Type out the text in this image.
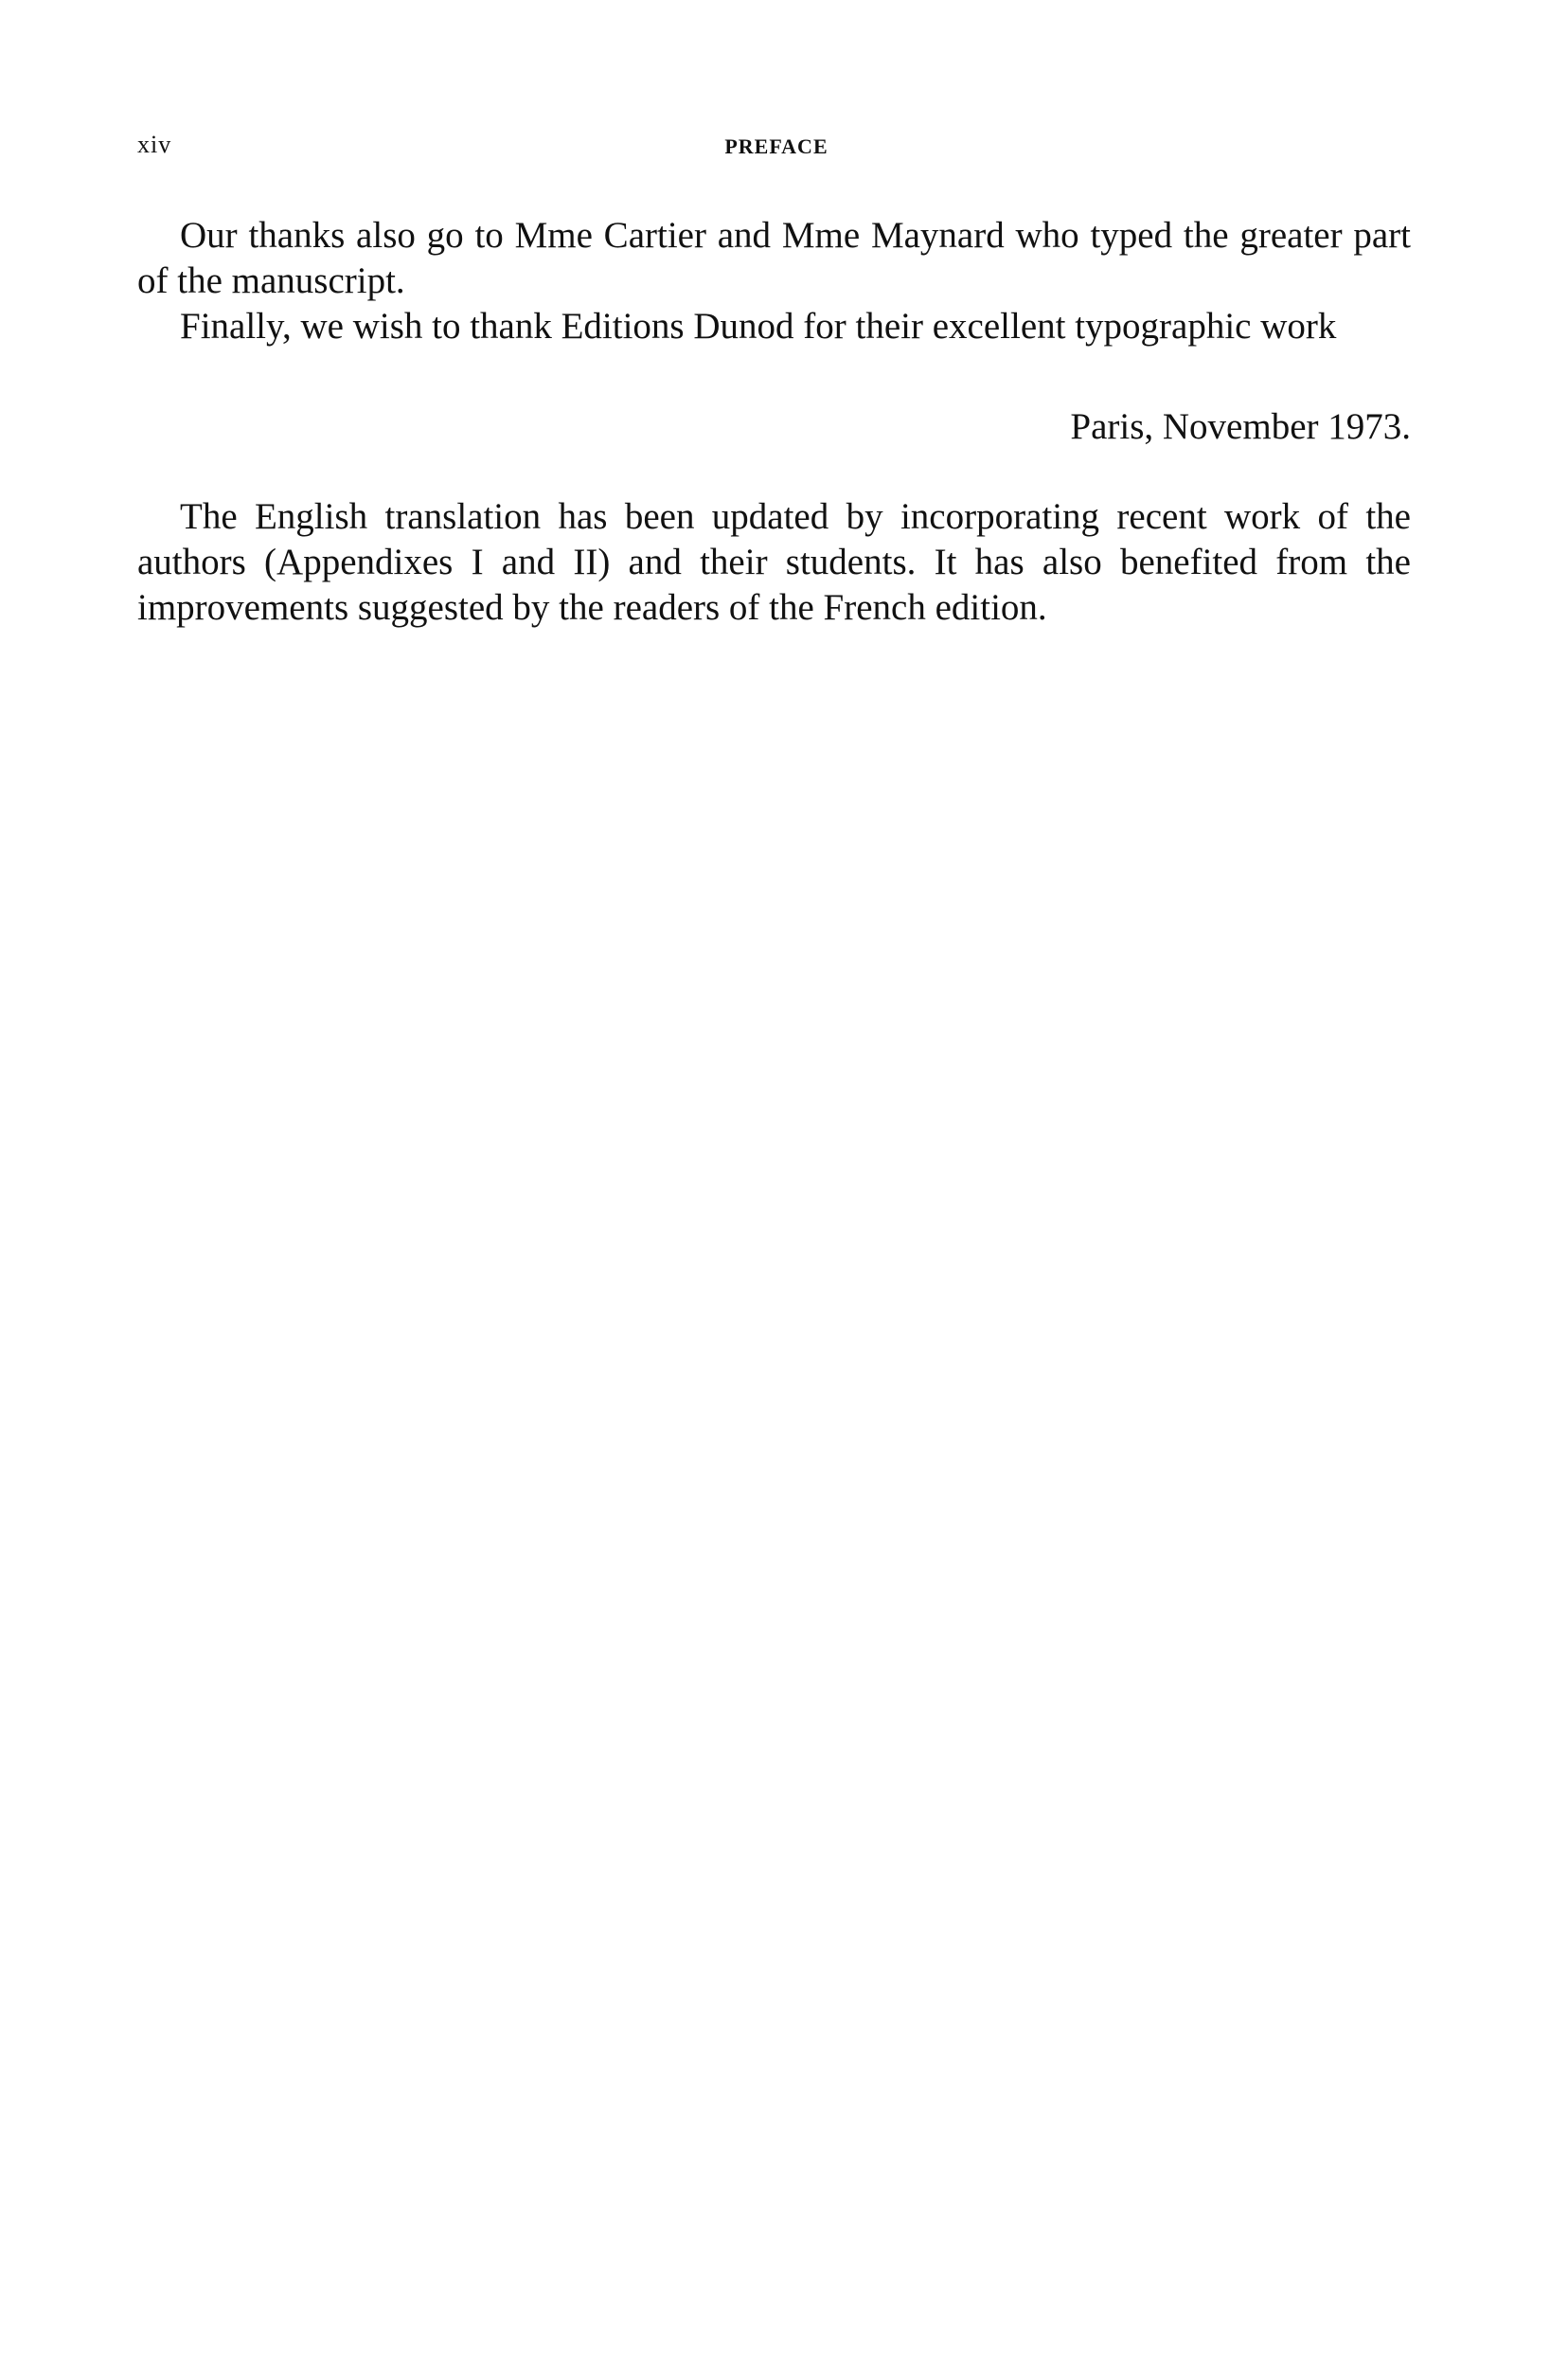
xiv	PREFACE

Our thanks also go to Mme Cartier and Mme Maynard who typed the greater part of the manuscript.

Finally, we wish to thank Editions Dunod for their excellent typographic work

Paris, November 1973.

The English translation has been updated by incorporating recent work of the authors (Appendixes I and II) and their students. It has also benefited from the improvements suggested by the readers of the French edition.
